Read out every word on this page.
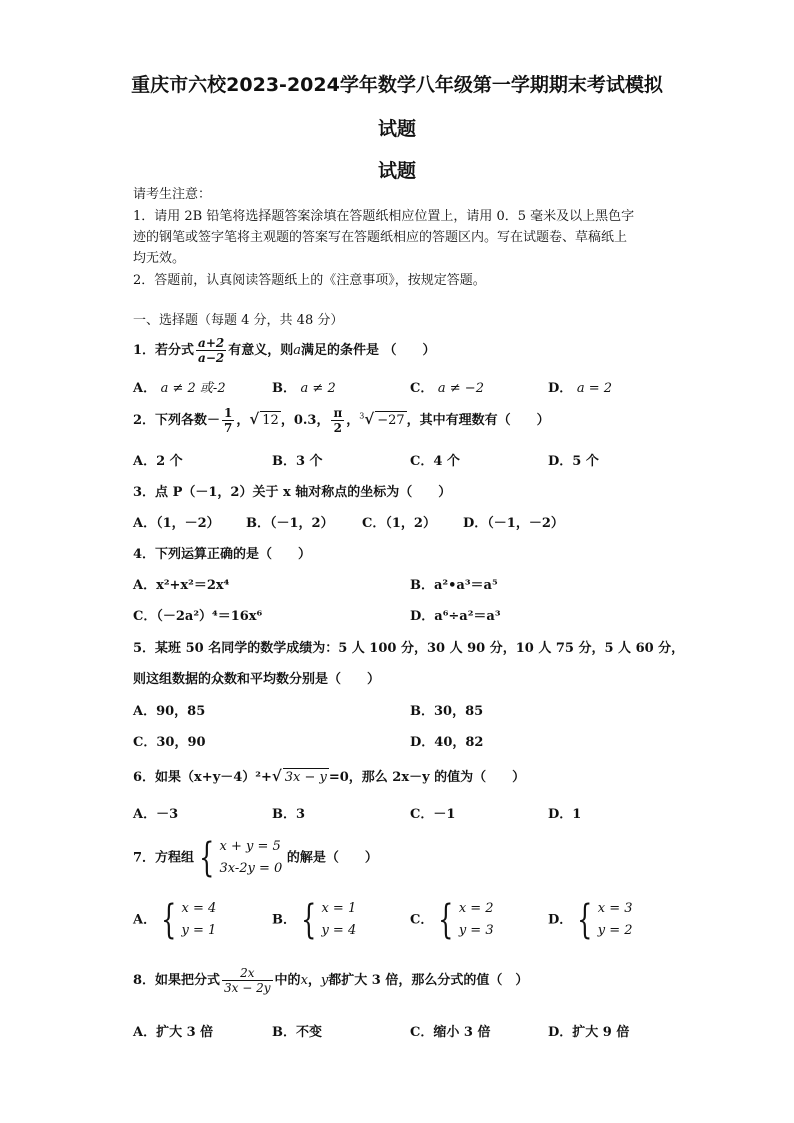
重庆市六校2023-2024学年数学八年级第一学期期末考试模拟
试题
试题
请考生注意：
1．请用 2B 铅笔将选择题答案涂填在答题纸相应位置上，请用 0．5 毫米及以上黑色字
迹的钢笔或签字笔将主观题的答案写在答题纸相应的答题区内。写在试题卷、草稿纸上
均无效。
2．答题前，认真阅读答题纸上的《注意事项》，按规定答题。
一、选择题（每题 4 分，共 48 分）
1．若分式 $\frac{a+2}{a-2}$ 有意义，则a满足的条件是 （　　）
A． a ≠ 2 或-2	B． a ≠ 2	C． a ≠ −2	D． a = 2
2．下列各数－ $\frac{1}{7}$ ，√ 12 ，0.3， $\frac{\pi}{2}$ ，$^3$√ −27 ，其中有理数有（　　）
A．2 个	B．3 个	C．4 个	D．5 个
3．点 P（－1，2）关于 x 轴对称点的坐标为（　　）
A．（1，－2） B．（－1，2） C．（1，2） D．（－1，－2）
4．下列运算正确的是（　　）
A．x²+x²＝2x⁴	B．a²•a³＝a⁵
C．（－2a²）⁴＝16x⁶	D．a⁶÷a²＝a³
5．某班 50 名同学的数学成绩为：5 人 100 分，30 人 90 分，10 人 75 分，5 人 60 分，
则这组数据的众数和平均数分别是（　　）
A．90，85	B．30，85
C．30，90	D．40，82
6．如果（x+y－4）²+√ 3x − y =0，那么 2x－y 的值为（　　）
A．－3	B．3	C．－1	D．1
7．方程组 { x + y = 5
3x-2y = 0
的解是（　　）
A． { x = 4
y = 1
B． { x = 1
y = 4
C． { x = 2
y = 3
D． { x = 3
y = 2
8．如果把分式 $\frac{2x}{3x - 2y}$ 中的x，y都扩大 3 倍，那么分式的值（　）
A．扩大 3 倍	B．不变	C．缩小 3 倍	D．扩大 9 倍
